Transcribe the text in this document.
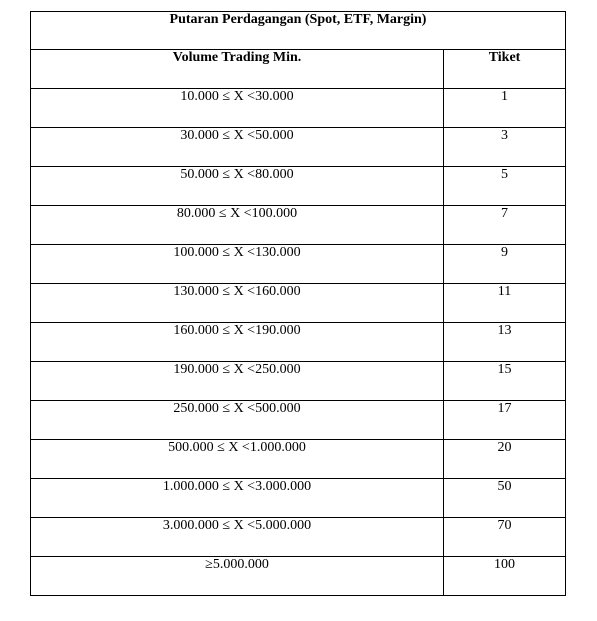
Putaran Perdagangan (Spot, ETF, Margin)	
Volume Trading Min.	Tiket
10.000 ≤ X <30.000	1
30.000 ≤ X <50.000	3
50.000 ≤ X <80.000	5
80.000 ≤ X <100.000	7
100.000 ≤ X <130.000	9
130.000 ≤ X <160.000	11
160.000 ≤ X <190.000	13
190.000 ≤ X <250.000	15
250.000 ≤ X <500.000	17
500.000 ≤ X <1.000.000	20
1.000.000 ≤ X <3.000.000	50
3.000.000 ≤ X <5.000.000	70
≥5.000.000	100
